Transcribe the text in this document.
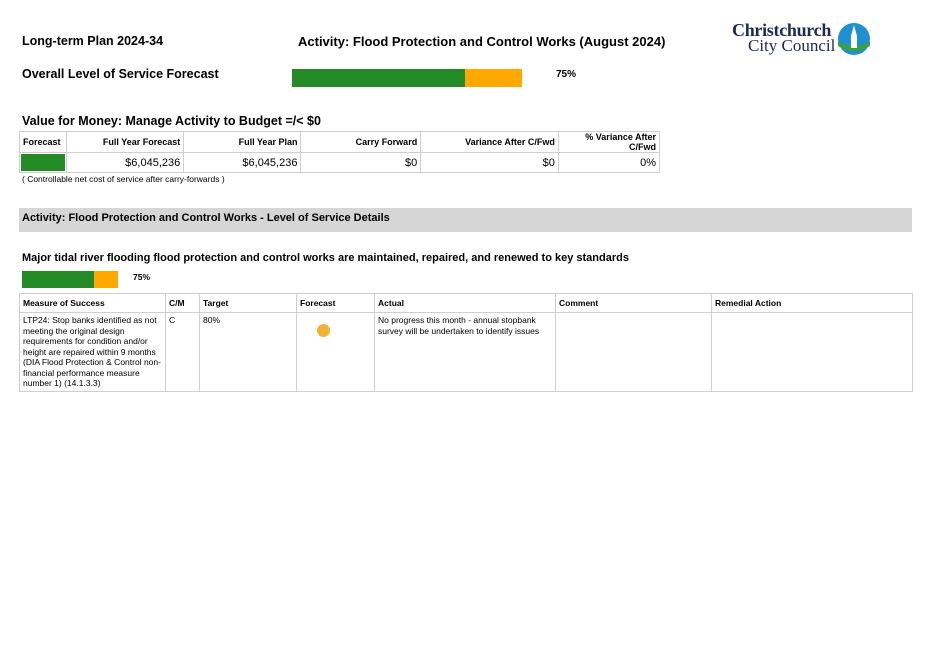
Long-term Plan 2024-34	Activity: Flood Protection and Control Works (August 2024)
Christchurch
City Council
Overall Level of Service Forecast	75%
Value for Money: Manage Activity to Budget =/< $0
Forecast	Full Year Forecast	Full Year Plan	Carry Forward	Variance After C/Fwd	% Variance After C/Fwd

	$6,045,236	$6,045,236	$0	$0	0%
( Controllable net cost of service after carry-forwards )
Activity: Flood Protection and Control Works - Level of Service Details
Major tidal river flooding flood protection and control works are maintained, repaired, and renewed to key standards
75%
Measure of Success	C/M	Target	Forecast	Actual	Comment	Remedial Action
LTP24: Stop banks identified as not meeting the original design requirements for condition and/or height are repaired within 9 months (DIA Flood Protection & Control non- financial performance measure number 1) (14.1.3.3)	C	80%		No progress this month - annual stopbank survey will be undertaken to identify issues		
